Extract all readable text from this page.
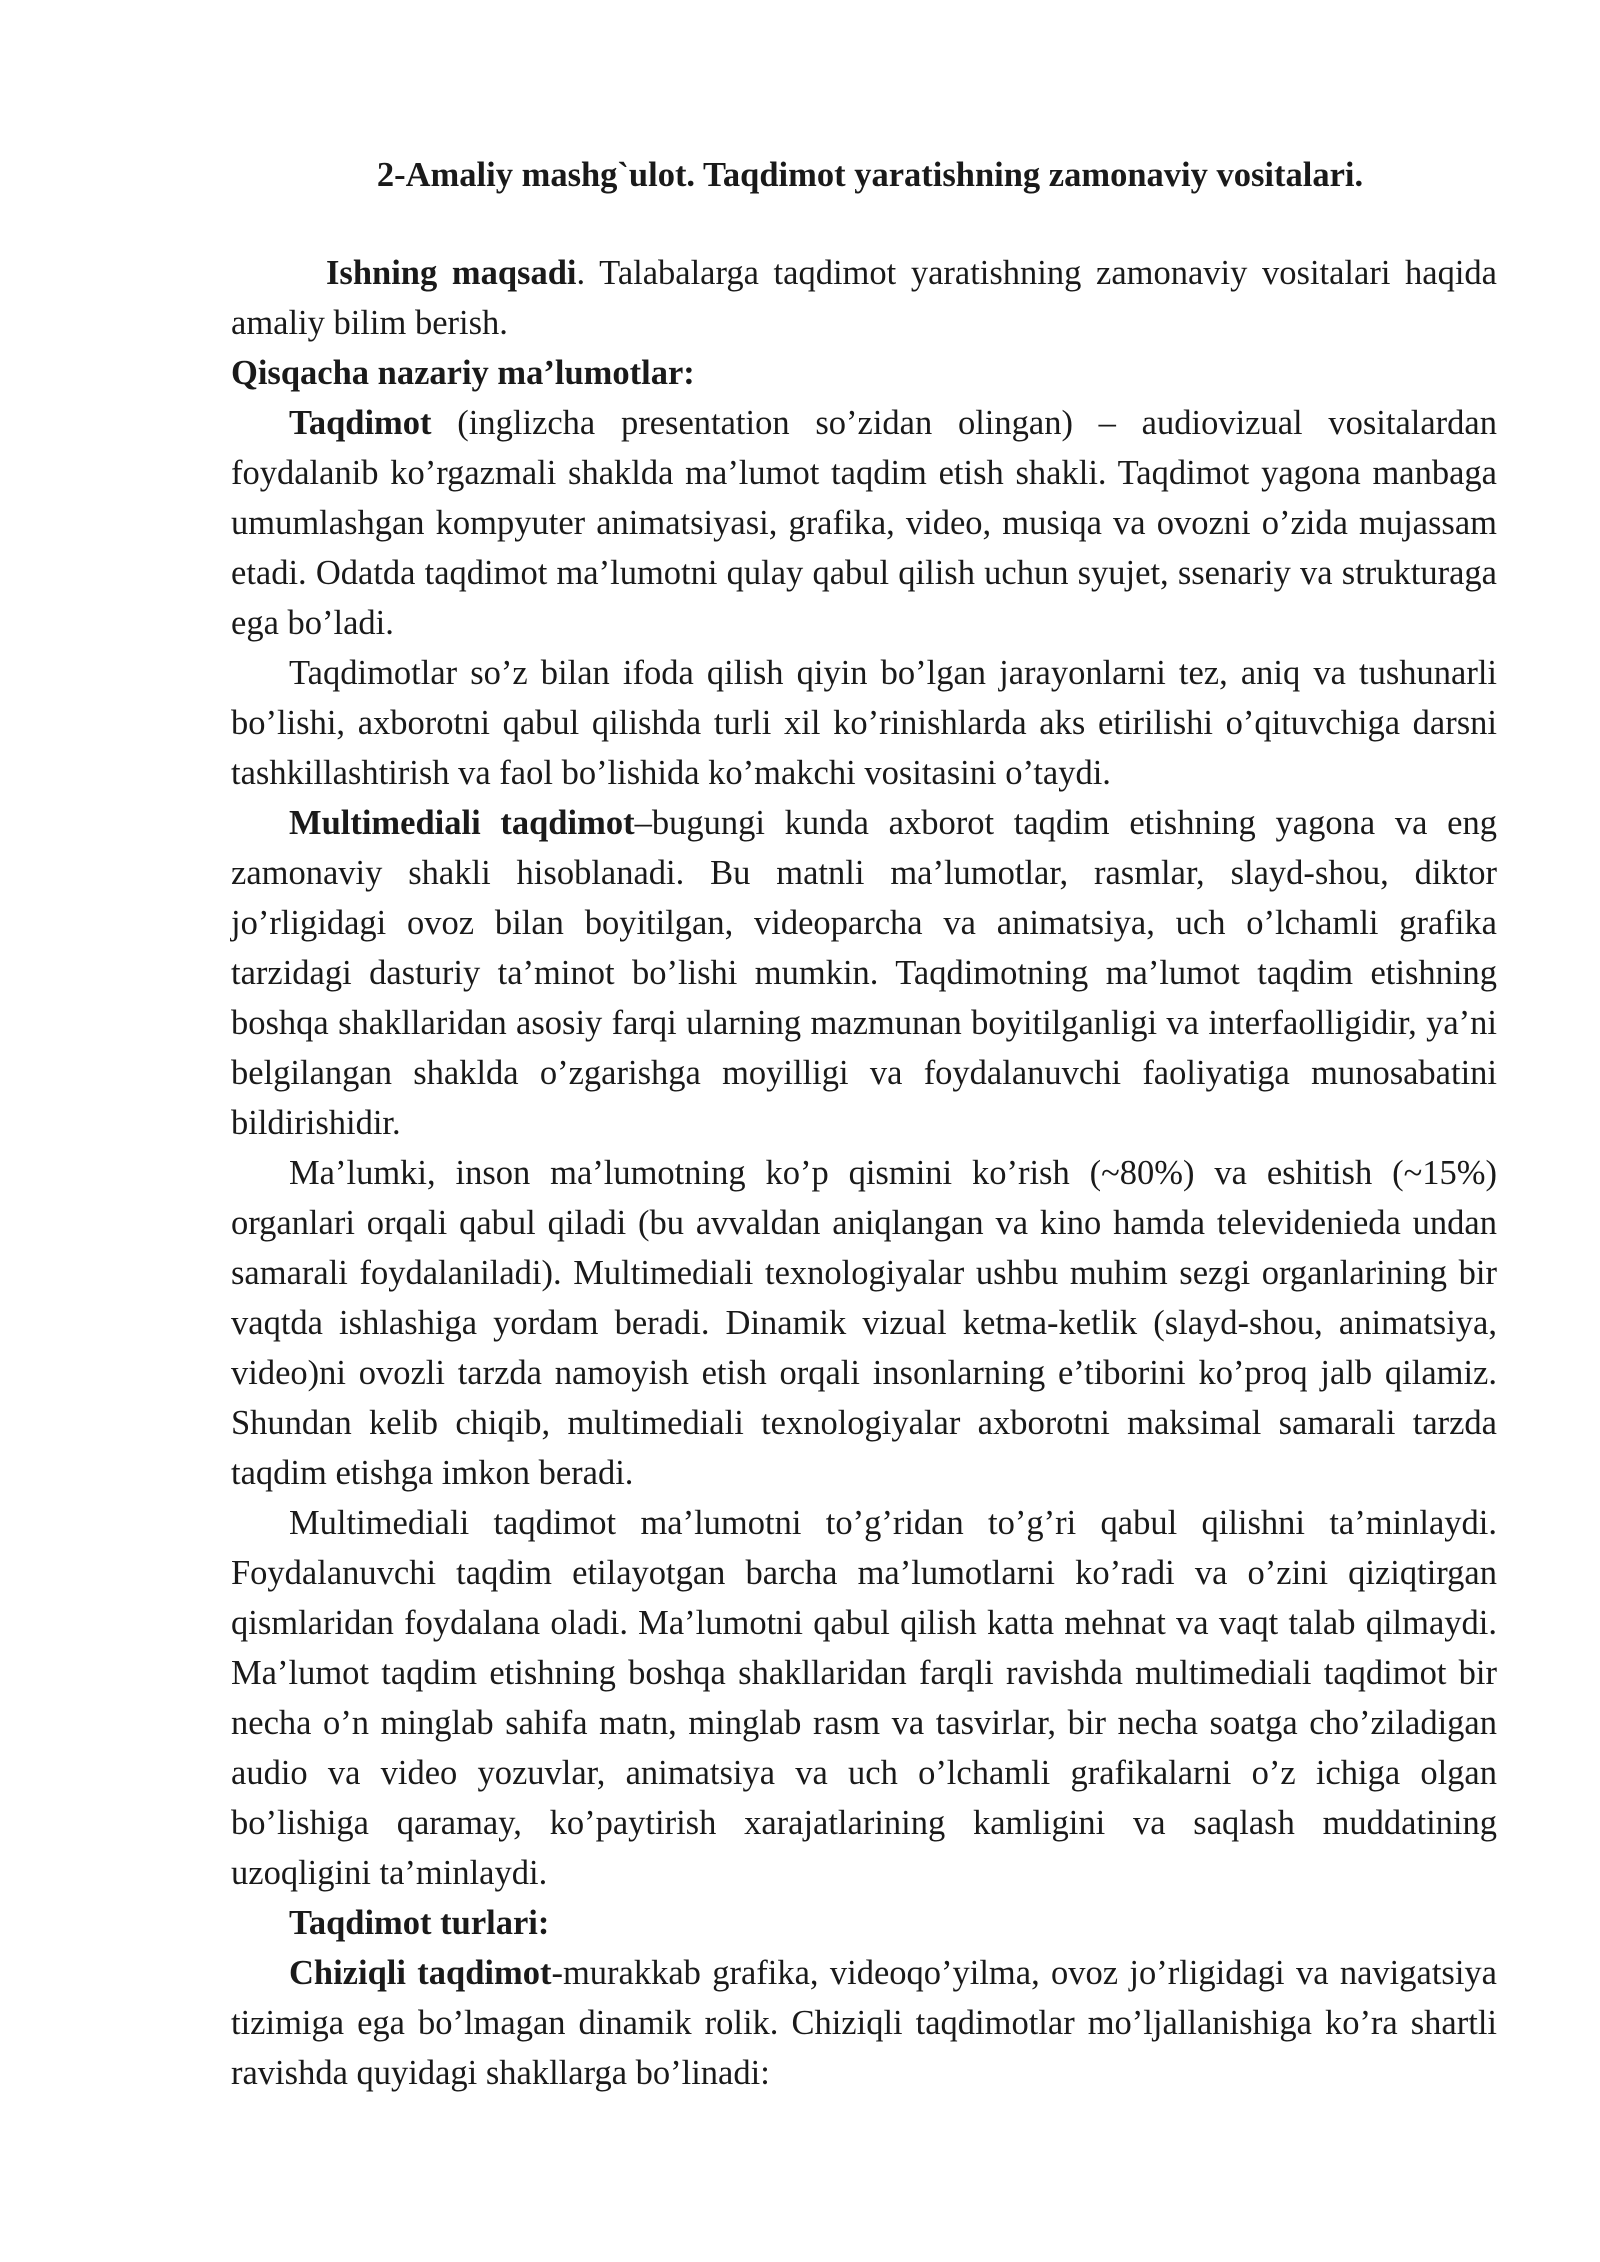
2-Amaliy mashg`ulot. Taqdimot yaratishning zamonaviy vositalari.

Ishning maqsadi. Talabalarga taqdimot yaratishning zamonaviy vositalari haqida amaliy bilim berish.

Qisqacha nazariy ma’lumotlar:

Taqdimot (inglizcha presentation so’zidan olingan) – audiovizual vositalardan foydalanib ko’rgazmali shaklda ma’lumot taqdim etish shakli. Taqdimot yagona manbaga umumlashgan kompyuter animatsiyasi, grafika, video, musiqa va ovozni o’zida mujassam etadi. Odatda taqdimot ma’lumotni qulay qabul qilish uchun syujet, ssenariy va strukturaga ega bo’ladi.

Taqdimotlar so’z bilan ifoda qilish qiyin bo’lgan jarayonlarni tez, aniq va tushunarli bo’lishi, axborotni qabul qilishda turli xil ko’rinishlarda aks etirilishi o’qituvchiga darsni tashkillashtirish va faol bo’lishida ko’makchi vositasini o’taydi.

Multimediali taqdimot–bugungi kunda axborot taqdim etishning yagona va eng zamonaviy shakli hisoblanadi. Bu matnli ma’lumotlar, rasmlar, slayd-shou, diktor jo’rligidagi ovoz bilan boyitilgan, videoparcha va animatsiya, uch o’lchamli grafika tarzidagi dasturiy ta’minot bo’lishi mumkin. Taqdimotning ma’lumot taqdim etishning boshqa shakllaridan asosiy farqi ularning mazmunan boyitilganligi va interfaolligidir, ya’ni belgilangan shaklda o’zgarishga moyilligi va foydalanuvchi faoliyatiga munosabatini bildirishidir.

Ma’lumki, inson ma’lumotning ko’p qismini ko’rish (~80%) va eshitish (~15%) organlari orqali qabul qiladi (bu avvaldan aniqlangan va kino hamda televidenieda undan samarali foydalaniladi). Multimediali texnologiyalar ushbu muhim sezgi organlarining bir vaqtda ishlashiga yordam beradi. Dinamik vizual ketma-ketlik (slayd-shou, animatsiya, video)ni ovozli tarzda namoyish etish orqali insonlarning e’tiborini ko’proq jalb qilamiz. Shundan kelib chiqib, multimediali texnologiyalar axborotni maksimal samarali tarzda taqdim etishga imkon beradi.

Multimediali taqdimot ma’lumotni to’g’ridan to’g’ri qabul qilishni ta’minlaydi. Foydalanuvchi taqdim etilayotgan barcha ma’lumotlarni ko’radi va o’zini qiziqtirgan qismlaridan foydalana oladi. Ma’lumotni qabul qilish katta mehnat va vaqt talab qilmaydi. Ma’lumot taqdim etishning boshqa shakllaridan farqli ravishda multimediali taqdimot bir necha o’n minglab sahifa matn, minglab rasm va tasvirlar, bir necha soatga cho’ziladigan audio va video yozuvlar, animatsiya va uch o’lchamli grafikalarni o’z ichiga olgan bo’lishiga qaramay, ko’paytirish xarajatlarining kamligini va saqlash muddatining uzoqligini ta’minlaydi.

Taqdimot turlari:

Chiziqli taqdimot-murakkab grafika, videoqo’yilma, ovoz jo’rligidagi va navigatsiya tizimiga ega bo’lmagan dinamik rolik. Chiziqli taqdimotlar mo’ljallanishiga ko’ra shartli ravishda quyidagi shakllarga bo’linadi:
